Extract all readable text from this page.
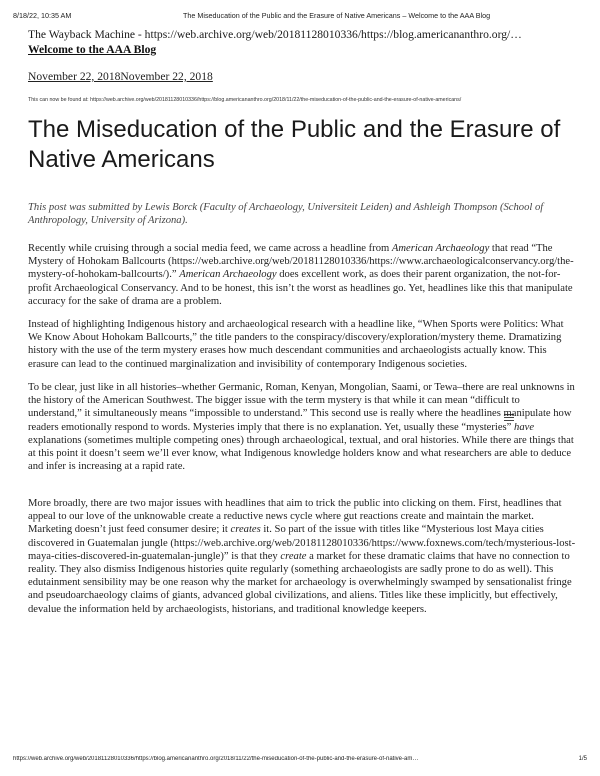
8/18/22, 10:35 AM	The Miseducation of the Public and the Erasure of Native Americans – Welcome to the AAA Blog
The Wayback Machine - https://web.archive.org/web/20181128010336/https://blog.americananthro.org/…
Welcome to the AAA Blog
November 22, 2018November 22, 2018
This can now be found at: https://web.archive.org/web/20181128010336/https://blog.americananthro.org/2018/11/22/the-miseducation-of-the-public-and-the-erasure-of-native-americans/
The Miseducation of the Public and the Erasure of Native Americans

This post was submitted by Lewis Borck (Faculty of Archaeology, Universiteit Leiden) and Ashleigh Thompson (School of Anthropology, University of Arizona).

Recently while cruising through a social media feed, we came across a headline from American Archaeology that read “The Mystery of Hohokam Ballcourts (https://web.archive.org/web/20181128010336/https://www.archaeologicalconservancy.org/the-mystery-of-hohokam-ballcourts/).” American Archaeology does excellent work, as does their parent organization, the not-for-profit Archaeological Conservancy. And to be honest, this isn’t the worst as headlines go. Yet, headlines like this that manipulate accuracy for the sake of drama are a problem.

Instead of highlighting Indigenous history and archaeological research with a headline like, “When Sports were Politics: What We Know About Hohokam Ballcourts,” the title panders to the conspiracy/discovery/exploration/mystery theme. Dramatizing history with the use of the term mystery erases how much descendant communities and archaeologists actually know. This erasure can lead to the continued marginalization and invisibility of contemporary Indigenous societies.

To be clear, just like in all histories–whether Germanic, Roman, Kenyan, Mongolian, Saami, or Tewa–there are real unknowns in the history of the American Southwest. The bigger issue with the term mystery is that while it can mean “difficult to understand,” it simultaneously means “impossible to understand.” This second use is really where the headlines manipulate how readers emotionally respond to words. Mysteries imply that there is no explanation. Yet, usually these “mysteries” have explanations (sometimes multiple competing ones) through archaeological, textual, and oral histories. While there are things that at this point it doesn’t seem we’ll ever know, what Indigenous knowledge holders know and what researchers are able to deduce and infer is increasing at a rapid rate.

More broadly, there are two major issues with headlines that aim to trick the public into clicking on them. First, headlines that appeal to our love of the unknowable create a reductive news cycle where gut reactions create and maintain the market. Marketing doesn’t just feed consumer desire; it creates it. So part of the issue with titles like “Mysterious lost Maya cities discovered in Guatemalan jungle (https://web.archive.org/web/20181128010336/https://www.foxnews.com/tech/mysterious-lost-maya-cities-discovered-in-guatemalan-jungle)” is that they create a market for these dramatic claims that have no connection to reality. They also dismiss Indigenous histories quite regularly (something archaeologists are sadly prone to do as well). This edutainment sensibility may be one reason why the market for archaeology is overwhelmingly swamped by sensationalist fringe and pseudoarchaeology claims of giants, advanced global civilizations, and aliens. Titles like these implicitly, but effectively, devalue the information held by archaeologists, historians, and traditional knowledge keepers.

https://web.archive.org/web/20181128010336/https://blog.americananthro.org/2018/11/22/the-miseducation-of-the-public-and-the-erasure-of-native-am…	1/5
